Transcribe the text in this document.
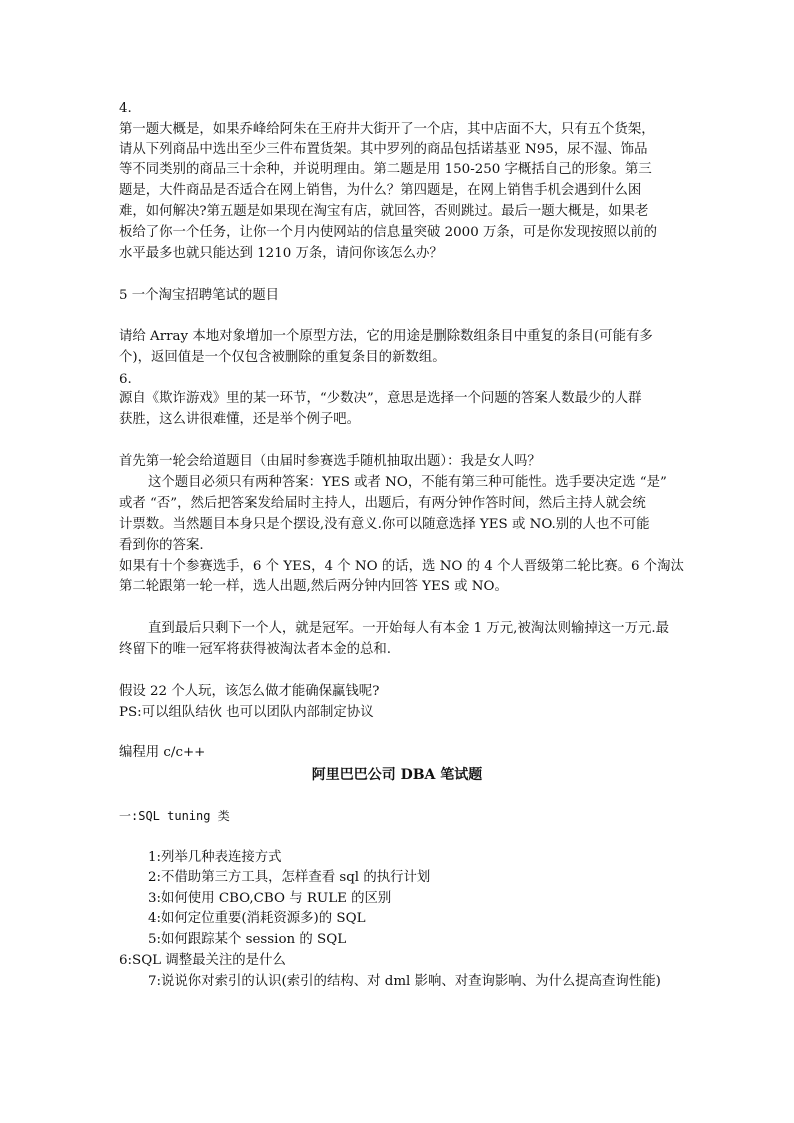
4.
第一题大概是，如果乔峰给阿朱在王府井大街开了一个店，其中店面不大，只有五个货架，
请从下列商品中选出至少三件布置货架。其中罗列的商品包括诺基亚 N95，尿不湿、饰品
等不同类别的商品三十余种，并说明理由。第二题是用 150-250 字概括自己的形象。第三
题是，大件商品是否适合在网上销售，为什么？第四题是，在网上销售手机会遇到什么困
难，如何解决?第五题是如果现在淘宝有店，就回答，否则跳过。最后一题大概是，如果老
板给了你一个任务，让你一个月内使网站的信息量突破 2000 万条，可是你发现按照以前的
水平最多也就只能达到 1210 万条，请问你该怎么办？
5 一个淘宝招聘笔试的题目
请给 Array 本地对象增加一个原型方法，它的用途是删除数组条目中重复的条目(可能有多
个)，返回值是一个仅包含被删除的重复条目的新数组。
6.
源自《欺诈游戏》里的某一环节，“少数决”，意思是选择一个问题的答案人数最少的人群
获胜，这么讲很难懂，还是举个例子吧。
首先第一轮会给道题目（由届时参赛选手随机抽取出题）：我是女人吗？
这个题目必须只有两种答案：YES 或者 NO，不能有第三种可能性。选手要决定选 “是”
或者 “否”，然后把答案发给届时主持人，出题后，有两分钟作答时间，然后主持人就会统
计票数。当然题目本身只是个摆设,没有意义.你可以随意选择 YES 或 NO.别的人也不可能
看到你的答案.
如果有十个参赛选手，6 个 YES，4 个 NO 的话，选 NO 的 4 个人晋级第二轮比赛。6 个淘汰
第二轮跟第一轮一样，选人出题,然后两分钟内回答 YES 或 NO。
直到最后只剩下一个人，就是冠军。一开始每人有本金 1 万元,被淘汰则输掉这一万元.最
终留下的唯一冠军将获得被淘汰者本金的总和.
假设 22 个人玩，该怎么做才能确保赢钱呢?
PS:可以组队结伙 也可以团队内部制定协议
编程用 c/c++
阿里巴巴公司 DBA 笔试题
一:SQL tuning 类
1:列举几种表连接方式
2:不借助第三方工具，怎样查看 sql 的执行计划
3:如何使用 CBO,CBO 与 RULE 的区别
4:如何定位重要(消耗资源多)的 SQL
5:如何跟踪某个 session 的 SQL
6:SQL 调整最关注的是什么
7:说说你对索引的认识(索引的结构、对 dml 影响、对查询影响、为什么提高查询性能)
